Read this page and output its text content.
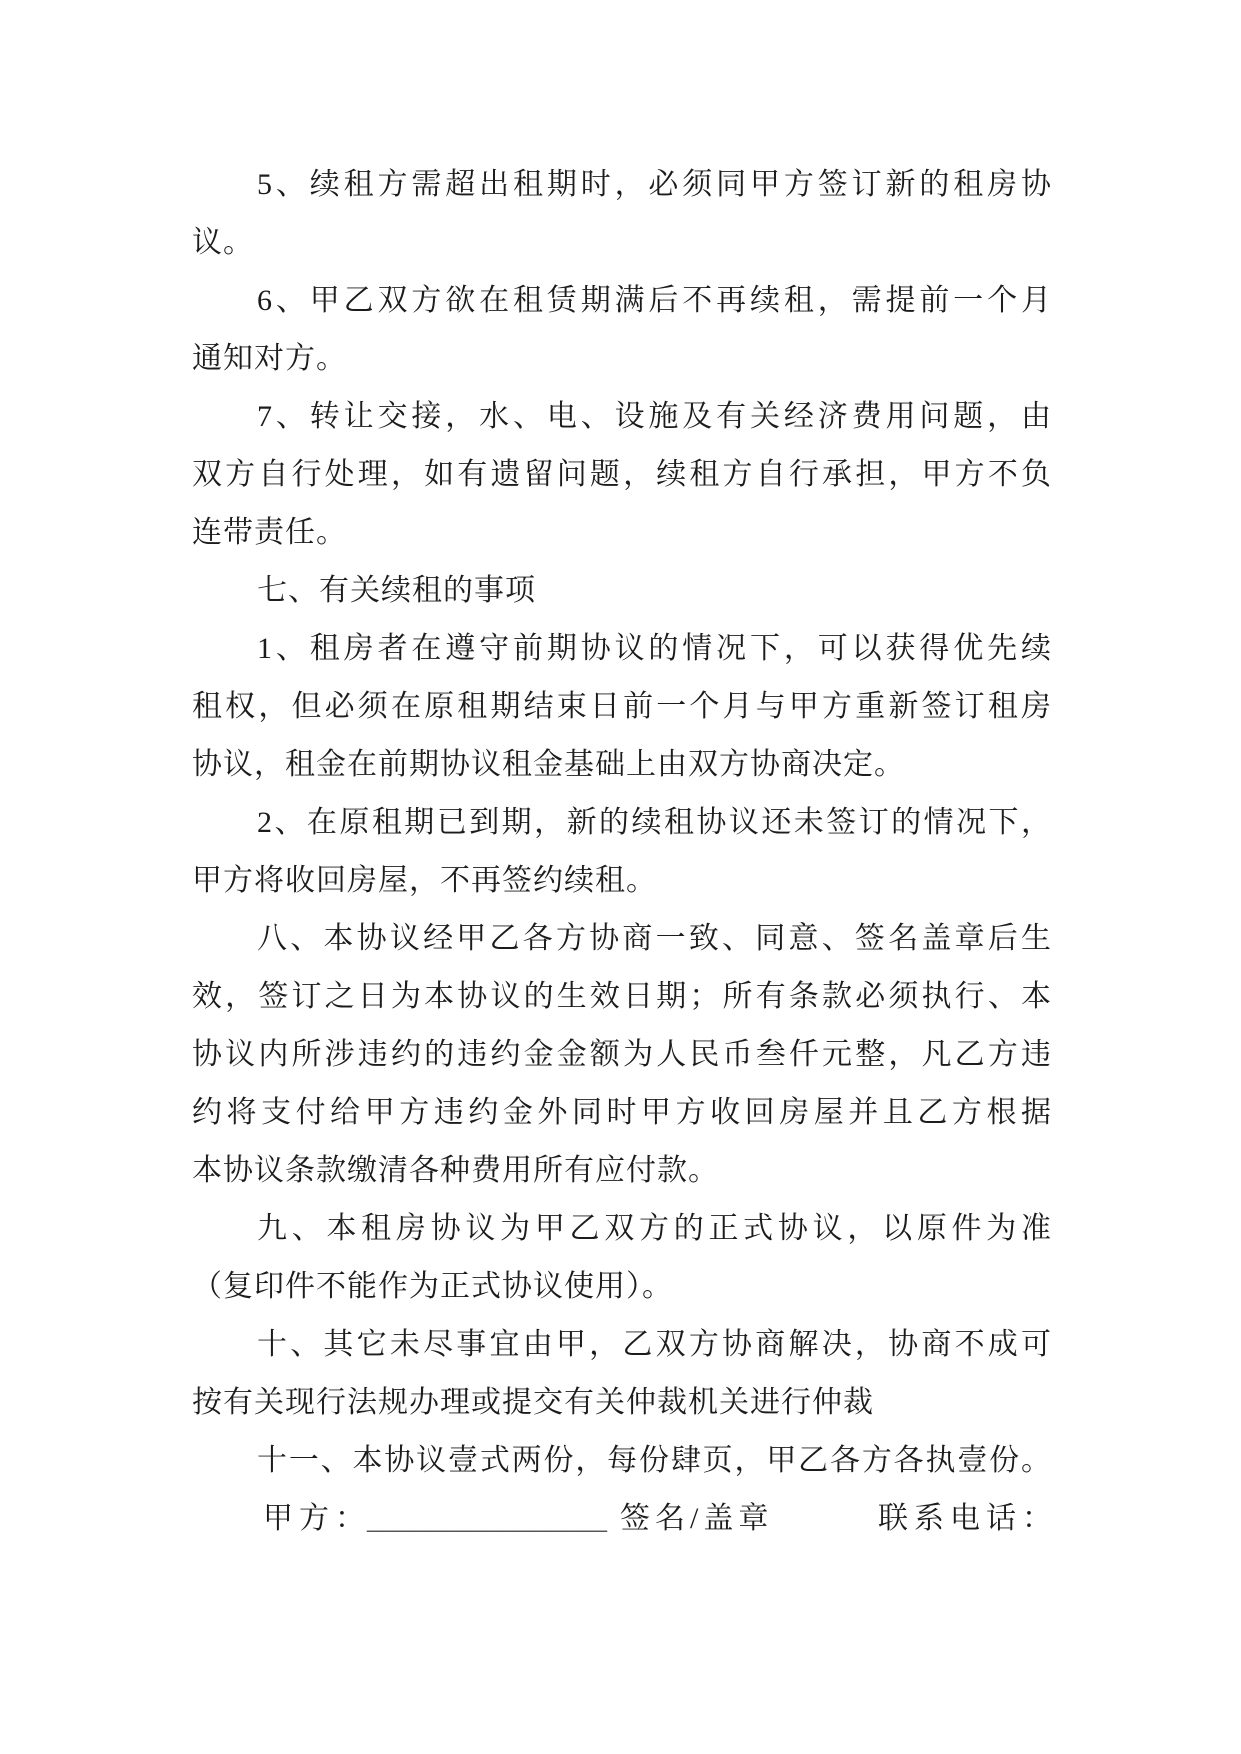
5、续租方需超出租期时，必须同甲方签订新的租房协
议。
6、甲乙双方欲在租赁期满后不再续租，需提前一个月
通知对方。
7、转让交接，水、电、设施及有关经济费用问题，由
双方自行处理，如有遗留问题，续租方自行承担，甲方不负
连带责任。
七、有关续租的事项
1、租房者在遵守前期协议的情况下，可以获得优先续
租权，但必须在原租期结束日前一个月与甲方重新签订租房
协议，租金在前期协议租金基础上由双方协商决定。
2、在原租期已到期，新的续租协议还未签订的情况下，
甲方将收回房屋，不再签约续租。
八、本协议经甲乙各方协商一致、同意、签名盖章后生
效，签订之日为本协议的生效日期；所有条款必须执行、本
协议内所涉违约的违约金金额为人民币叁仟元整，凡乙方违
约将支付给甲方违约金外同时甲方收回房屋并且乙方根据
本协议条款缴清各种费用所有应付款。
九、本租房协议为甲乙双方的正式协议，以原件为准
（复印件不能作为正式协议使用）。
十、其它未尽事宜由甲，乙双方协商解决，协商不成可
按有关现行法规办理或提交有关仲裁机关进行仲裁
十一、本协议壹式两份，每份肆页，甲乙各方各执壹份。
甲方：
________________ 签名/盖章	联系电话：
